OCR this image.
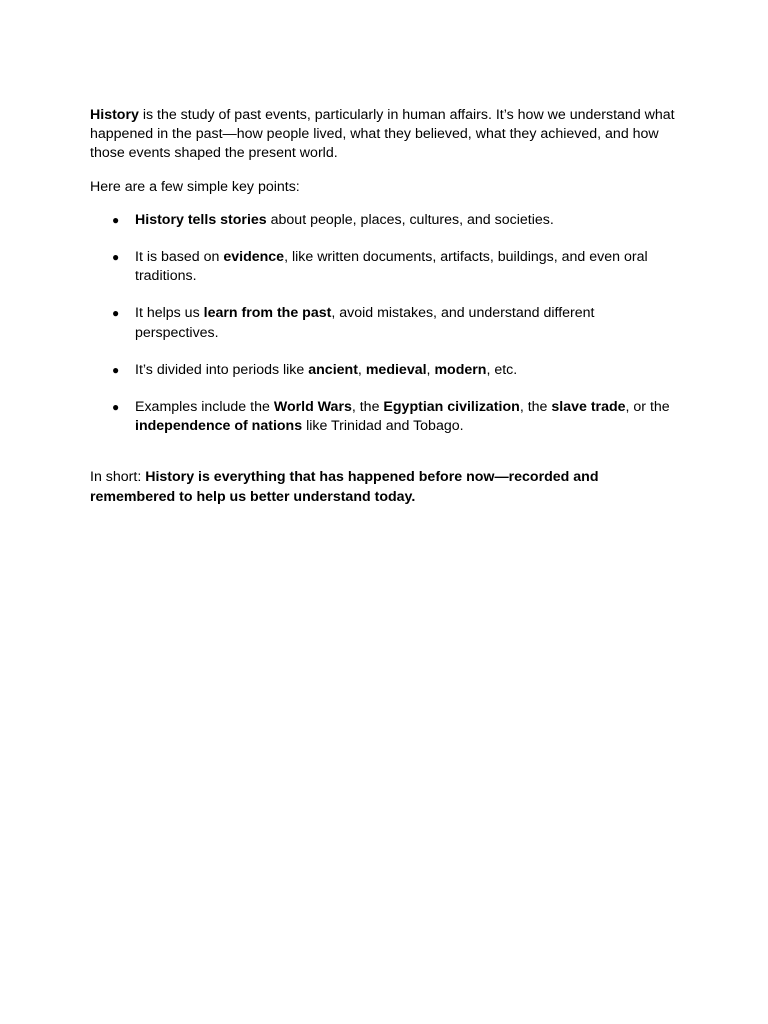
History is the study of past events, particularly in human affairs. It’s how we understand what happened in the past—how people lived, what they believed, what they achieved, and how those events shaped the present world.

Here are a few simple key points:

● History tells stories about people, places, cultures, and societies.
● It is based on evidence, like written documents, artifacts, buildings, and even oral traditions.
● It helps us learn from the past, avoid mistakes, and understand different perspectives.
● It’s divided into periods like ancient, medieval, modern, etc.
● Examples include the World Wars, the Egyptian civilization, the slave trade, or the independence of nations like Trinidad and Tobago.

In short: History is everything that has happened before now—recorded and remembered to help us better understand today.
